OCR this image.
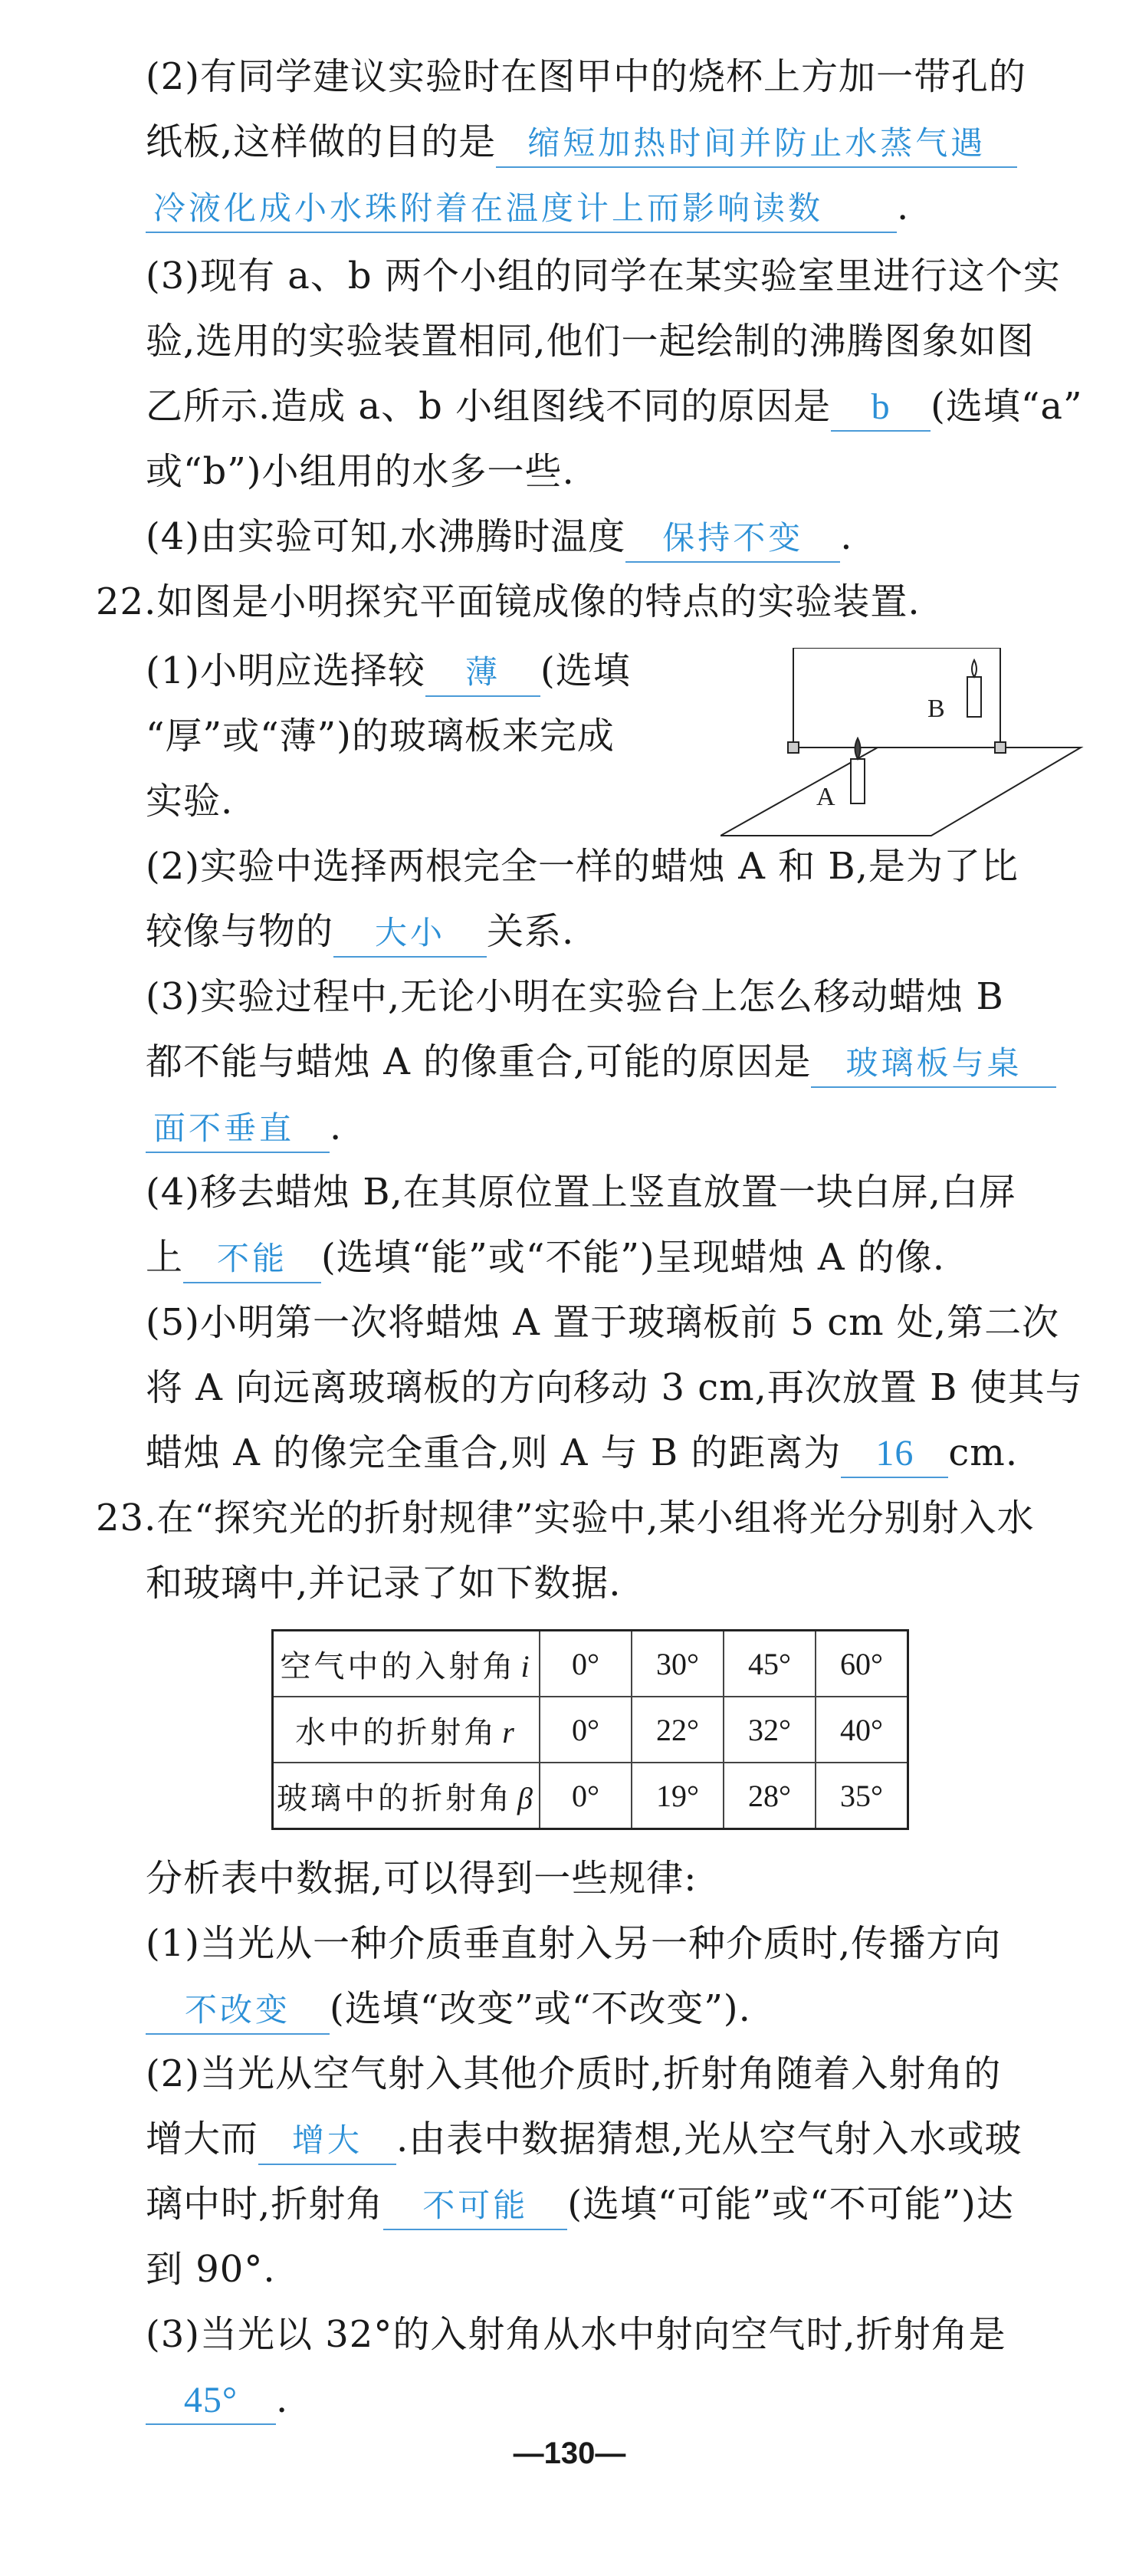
(2)有同学建议实验时在图甲中的烧杯上方加一带孔的
纸板,这样做的目的是 缩短加热时间并防止水蒸气遇
冷液化成小水珠附着在温度计上而影响读数 .
(3)现有 a、b 两个小组的同学在某实验室里进行这个实
验,选用的实验装置相同,他们一起绘制的沸腾图象如图
乙所示.造成 a、b 小组图线不同的原因是 b (选填“a”
或“b”)小组用的水多一些.
(4)由实验可知,水沸腾时温度 保持不变 .
22.如图是小明探究平面镜成像的特点的实验装置.
(1)小明应选择较 薄 (选填
“厚”或“薄”)的玻璃板来完成
实验.
B
A
(2)实验中选择两根完全一样的蜡烛 A 和 B,是为了比
较像与物的 大小 关系.
(3)实验过程中,无论小明在实验台上怎么移动蜡烛 B
都不能与蜡烛 A 的像重合,可能的原因是 玻璃板与桌
面不垂直 .
(4)移去蜡烛 B,在其原位置上竖直放置一块白屏,白屏
上 不能 (选填“能”或“不能”)呈现蜡烛 A 的像.
(5)小明第一次将蜡烛 A 置于玻璃板前 5 cm 处,第二次
将 A 向远离玻璃板的方向移动 3 cm,再次放置 B 使其与
蜡烛 A 的像完全重合,则 A 与 B 的距离为 16 cm.
23.在“探究光的折射规律”实验中,某小组将光分别射入水
和玻璃中,并记录了如下数据.
空气中的入射角 i	0°	30°	45°	60°
水中的折射角 r	0°	22°	32°	40°
玻璃中的折射角 β	0°	19°	28°	35°
分析表中数据,可以得到一些规律:
(1)当光从一种介质垂直射入另一种介质时,传播方向
不改变 (选填“改变”或“不改变”).
(2)当光从空气射入其他介质时,折射角随着入射角的
增大而 增大 .由表中数据猜想,光从空气射入水或玻
璃中时,折射角 不可能 (选填“可能”或“不可能”)达
到 90°.
(3)当光以 32°的入射角从水中射向空气时,折射角是
45° .
—130—
